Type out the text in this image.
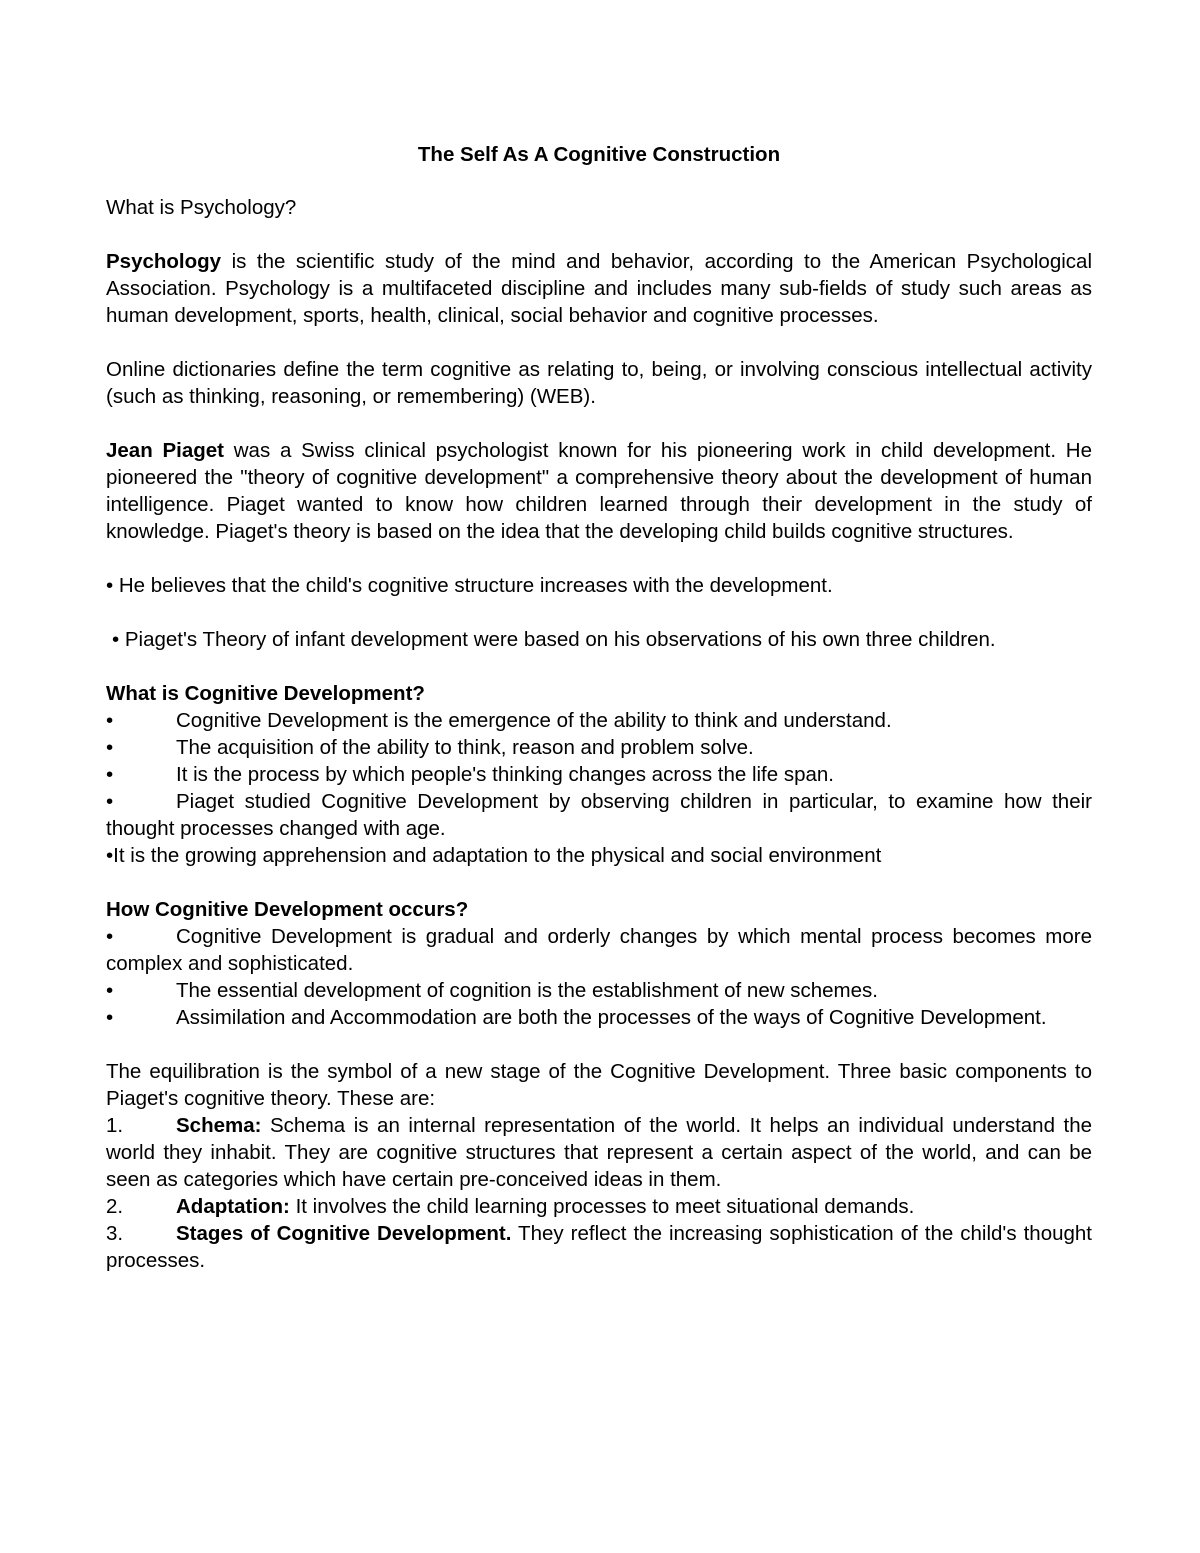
The Self As A Cognitive Construction

What is Psychology?

Psychology is the scientific study of the mind and behavior, according to the American Psychological Association. Psychology is a multifaceted discipline and includes many sub-fields of study such areas as human development, sports, health, clinical, social behavior and cognitive processes.

Online dictionaries define the term cognitive as relating to, being, or involving conscious intellectual activity (such as thinking, reasoning, or remembering) (WEB).

Jean Piaget was a Swiss clinical psychologist known for his pioneering work in child development. He pioneered the "theory of cognitive development" a comprehensive theory about the development of human intelligence. Piaget wanted to know how children learned through their development in the study of knowledge. Piaget's theory is based on the idea that the developing child builds cognitive structures.

• He believes that the child's cognitive structure increases with the development.

• Piaget's Theory of infant development were based on his observations of his own three children.

What is Cognitive Development?

•	Cognitive Development is the emergence of the ability to think and understand.

•	The acquisition of the ability to think, reason and problem solve.

•	It is the process by which people's thinking changes across the life span.

•	Piaget studied Cognitive Development by observing children in particular, to examine how their thought processes changed with age.

•It is the growing apprehension and adaptation to the physical and social environment

How Cognitive Development occurs?

•	Cognitive Development is gradual and orderly changes by which mental process becomes more complex and sophisticated.

•	The essential development of cognition is the establishment of new schemes.

•	Assimilation and Accommodation are both the processes of the ways of Cognitive Development.

The equilibration is the symbol of a new stage of the Cognitive Development. Three basic components to Piaget's cognitive theory. These are:

1.	Schema: Schema is an internal representation of the world. It helps an individual understand the world they inhabit. They are cognitive structures that represent a certain aspect of the world, and can be seen as categories which have certain pre-conceived ideas in them.

2.	Adaptation: It involves the child learning processes to meet situational demands.

3.	Stages of Cognitive Development. They reflect the increasing sophistication of the child's thought processes.
